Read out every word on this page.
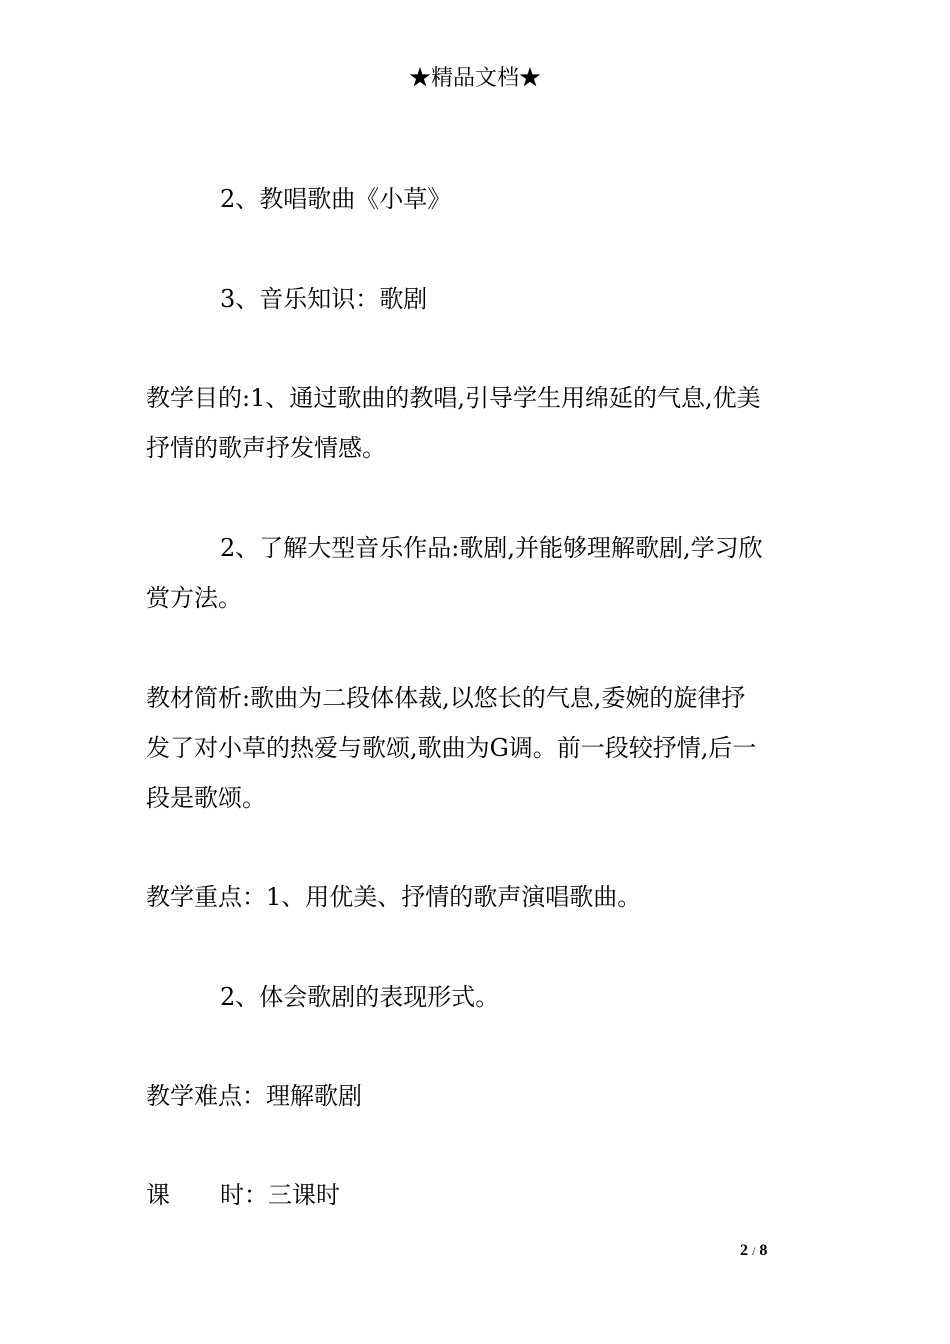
★精品文档★
2、教唱歌曲《小草》
3、音乐知识：歌剧
教学目的:1、通过歌曲的教唱,引导学生用绵延的气息,优美
抒情的歌声抒发情感。
2、了解大型音乐作品:歌剧,并能够理解歌剧,学习欣
赏方法。
教材简析:歌曲为二段体体裁,以悠长的气息,委婉的旋律抒
发了对小草的热爱与歌颂,歌曲为G调。前一段较抒情,后一
段是歌颂。
教学重点：1、用优美、抒情的歌声演唱歌曲。
2、体会歌剧的表现形式。
教学难点：理解歌剧
课 时：三课时
2 / 8
